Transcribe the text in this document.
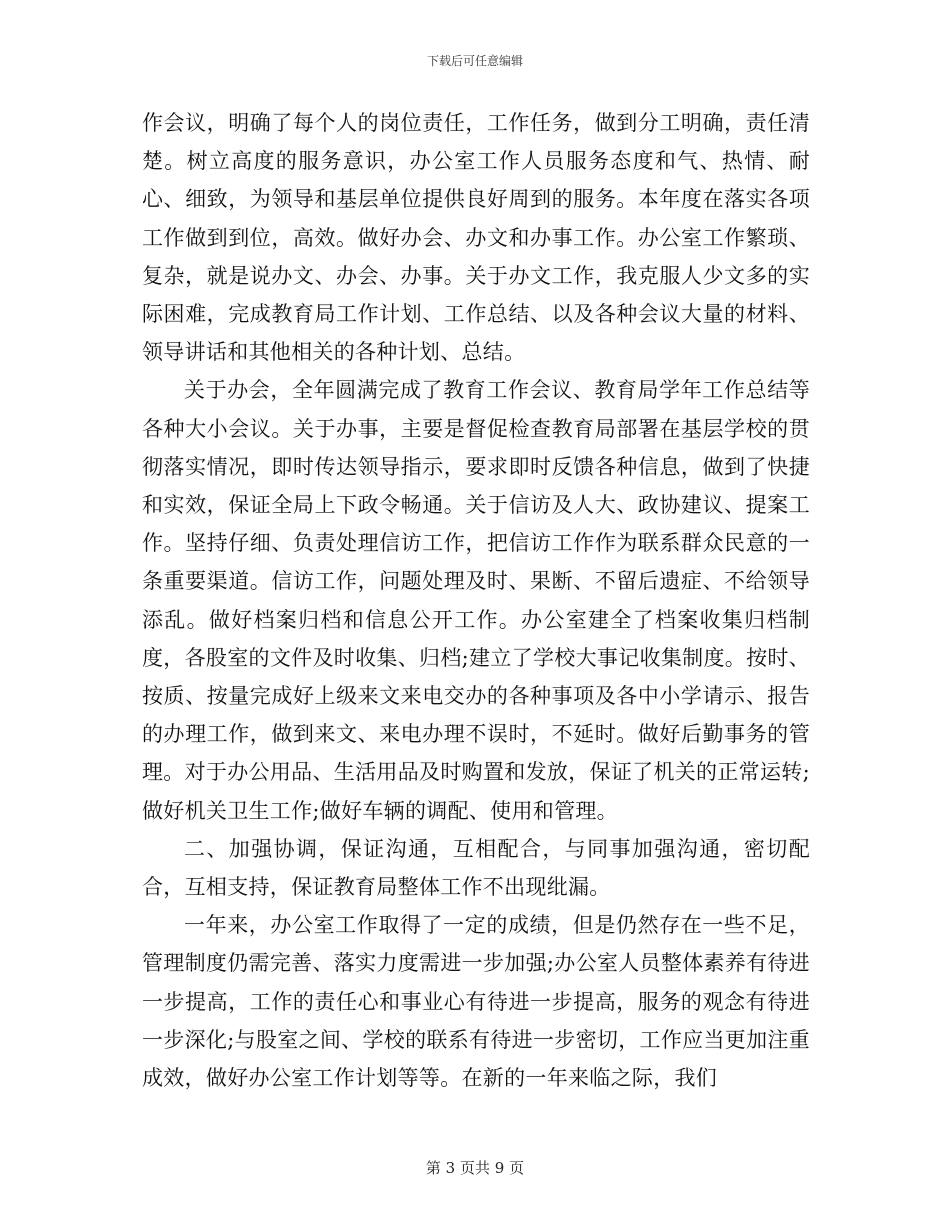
下载后可任意编辑

作会议，明确了每个人的岗位责任，工作任务，做到分工明确，责任清楚。树立高度的服务意识，办公室工作人员服务态度和气、热情、耐心、细致，为领导和基层单位提供良好周到的服务。本年度在落实各项工作做到到位，高效。做好办会、办文和办事工作。办公室工作繁琐、复杂，就是说办文、办会、办事。关于办文工作，我克服人少文多的实际困难，完成教育局工作计划、工作总结、以及各种会议大量的材料、领导讲话和其他相关的各种计划、总结。

关于办会，全年圆满完成了教育工作会议、教育局学年工作总结等各种大小会议。关于办事，主要是督促检查教育局部署在基层学校的贯彻落实情况，即时传达领导指示，要求即时反馈各种信息，做到了快捷和实效，保证全局上下政令畅通。关于信访及人大、政协建议、提案工作。坚持仔细、负责处理信访工作，把信访工作作为联系群众民意的一条重要渠道。信访工作，问题处理及时、果断、不留后遗症、不给领导添乱。做好档案归档和信息公开工作。办公室建全了档案收集归档制度，各股室的文件及时收集、归档;建立了学校大事记收集制度。按时、按质、按量完成好上级来文来电交办的各种事项及各中小学请示、报告的办理工作，做到来文、来电办理不误时，不延时。做好后勤事务的管理。对于办公用品、生活用品及时购置和发放，保证了机关的正常运转;做好机关卫生工作;做好车辆的调配、使用和管理。

二、加强协调，保证沟通，互相配合，与同事加强沟通，密切配合，互相支持，保证教育局整体工作不出现纰漏。

一年来，办公室工作取得了一定的成绩，但是仍然存在一些不足，管理制度仍需完善、落实力度需进一步加强;办公室人员整体素养有待进一步提高，工作的责任心和事业心有待进一步提高，服务的观念有待进一步深化;与股室之间、学校的联系有待进一步密切，工作应当更加注重成效，做好办公室工作计划等等。在新的一年来临之际，我们

第 3 页共 9 页
